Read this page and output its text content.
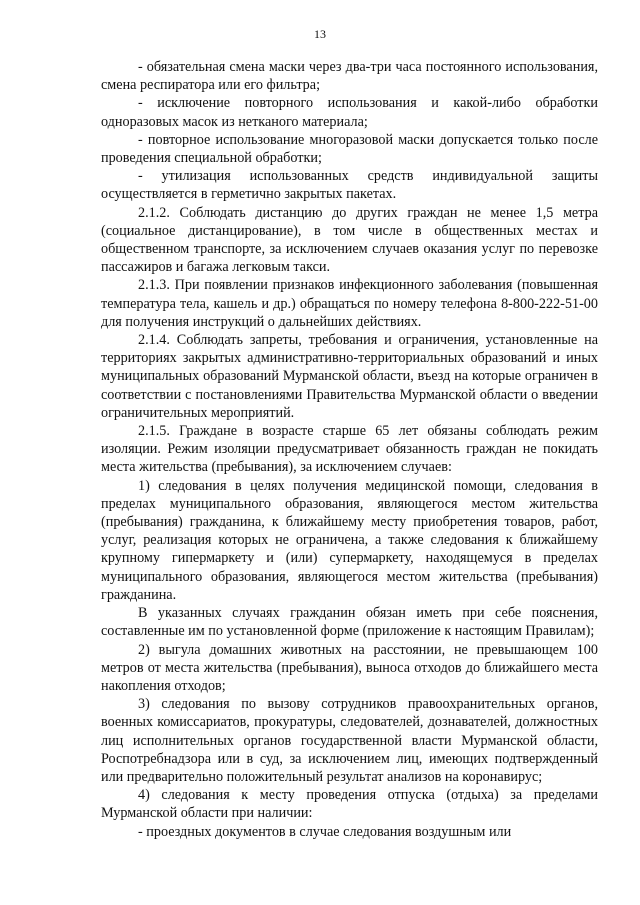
13

- обязательная смена маски через два-три часа постоянного использования, смена респиратора или его фильтра;

- исключение повторного использования и какой-либо обработки одноразовых масок из нетканого материала;

- повторное использование многоразовой маски допускается только после проведения специальной обработки;

- утилизация использованных средств индивидуальной защиты осуществляется в герметично закрытых пакетах.

2.1.2. Соблюдать дистанцию до других граждан не менее 1,5 метра (социальное дистанцирование), в том числе в общественных местах и общественном транспорте, за исключением случаев оказания услуг по перевозке пассажиров и багажа легковым такси.

2.1.3. При появлении признаков инфекционного заболевания (повышенная температура тела, кашель и др.) обращаться по номеру телефона 8-800-222-51-00 для получения инструкций о дальнейших действиях.

2.1.4. Соблюдать запреты, требования и ограничения, установленные на территориях закрытых административно-территориальных образований и иных муниципальных образований Мурманской области, въезд на которые ограничен в соответствии с постановлениями Правительства Мурманской области о введении ограничительных мероприятий.

2.1.5. Граждане в возрасте старше 65 лет обязаны соблюдать режим изоляции. Режим изоляции предусматривает обязанность граждан не покидать места жительства (пребывания), за исключением случаев:

1) следования в целях получения медицинской помощи, следования в пределах муниципального образования, являющегося местом жительства (пребывания) гражданина, к ближайшему месту приобретения товаров, работ, услуг, реализация которых не ограничена, а также следования к ближайшему крупному гипермаркету и (или) супермаркету, находящемуся в пределах муниципального образования, являющегося местом жительства (пребывания) гражданина.

В указанных случаях гражданин обязан иметь при себе пояснения, составленные им по установленной форме (приложение к настоящим Правилам);

2) выгула домашних животных на расстоянии, не превышающем 100 метров от места жительства (пребывания), выноса отходов до ближайшего места накопления отходов;

3) следования по вызову сотрудников правоохранительных органов, военных комиссариатов, прокуратуры, следователей, дознавателей, должностных лиц исполнительных органов государственной власти Мурманской области, Роспотребнадзора или в суд, за исключением лиц, имеющих подтвержденный или предварительно положительный результат анализов на коронавирус;

4) следования к месту проведения отпуска (отдыха) за пределами Мурманской области при наличии:

- проездных документов в случае следования воздушным или
